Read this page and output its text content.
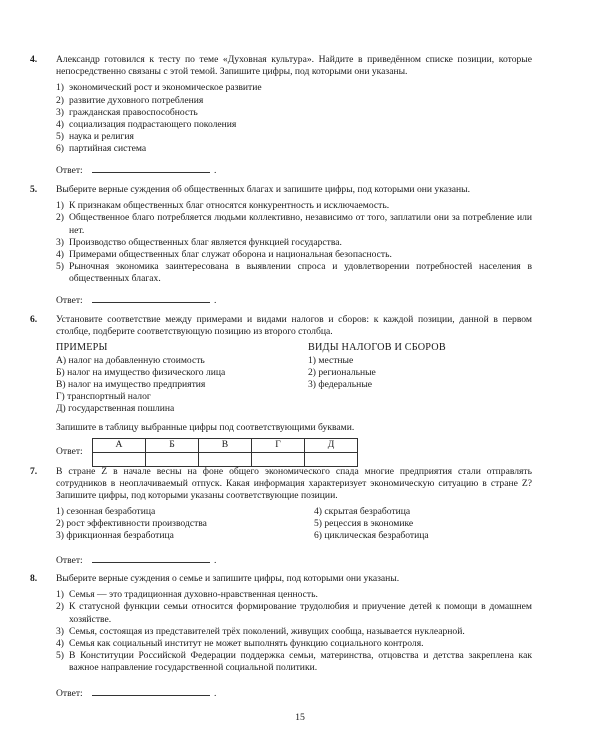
4. Александр готовился к тесту по теме «Духовная культура». Найдите в приведённом списке позиции, которые непосредственно связаны с этой темой. Запишите цифры, под которыми они указаны.
1) экономический рост и экономическое развитие
2) развитие духовного потребления
3) гражданская правоспособность
4) социализация подрастающего поколения
5) наука и религия
6) партийная система
Ответ:	.
5. Выберите верные суждения об общественных благах и запишите цифры, под которыми они указаны.
1) К признакам общественных благ относятся конкурентность и исключаемость.
2) Общественное благо потребляется людьми коллективно, независимо от того, заплатили они за потребление или нет.
3) Производство общественных благ является функцией государства.
4) Примерами общественных благ служат оборона и национальная безопасность.
5) Рыночная экономика заинтересована в выявлении спроса и удовлетворении потребностей населения в общественных благах.
Ответ:	.
6. Установите соответствие между примерами и видами налогов и сборов: к каждой позиции, данной в первом столбце, подберите соответствующую позицию из второго столбца.
ПРИМЕРЫ
А) налог на добавленную стоимость
Б) налог на имущество физического лица
В) налог на имущество предприятия
Г) транспортный налог
Д) государственная пошлина
ВИДЫ НАЛОГОВ И СБОРОВ
1) местные
2) региональные
3) федеральные
Запишите в таблицу выбранные цифры под соответствующими буквами.
Ответ:
А	Б	В	Г	Д

7. В стране Z в начале весны на фоне общего экономического спада многие предприятия стали отправлять сотрудников в неоплачиваемый отпуск. Какая информация характеризует экономическую ситуацию в стране Z? Запишите цифры, под которыми указаны соответствующие позиции.
1) сезонная безработица	4) скрытая безработица
2) рост эффективности производства	5) рецессия в экономике
3) фрикционная безработица	6) циклическая безработица
Ответ:	.
8. Выберите верные суждения о семье и запишите цифры, под которыми они указаны.
1) Семья — это традиционная духовно-нравственная ценность.
2) К статусной функции семьи относится формирование трудолюбия и приучение детей к помощи в домашнем хозяйстве.
3) Семья, состоящая из представителей трёх поколений, живущих сообща, называется нуклеарной.
4) Семья как социальный институт не может выполнять функцию социального контроля.
5) В Конституции Российской Федерации поддержка семьи, материнства, отцовства и детства закреплена как важное направление государственной социальной политики.
Ответ:	.
15
